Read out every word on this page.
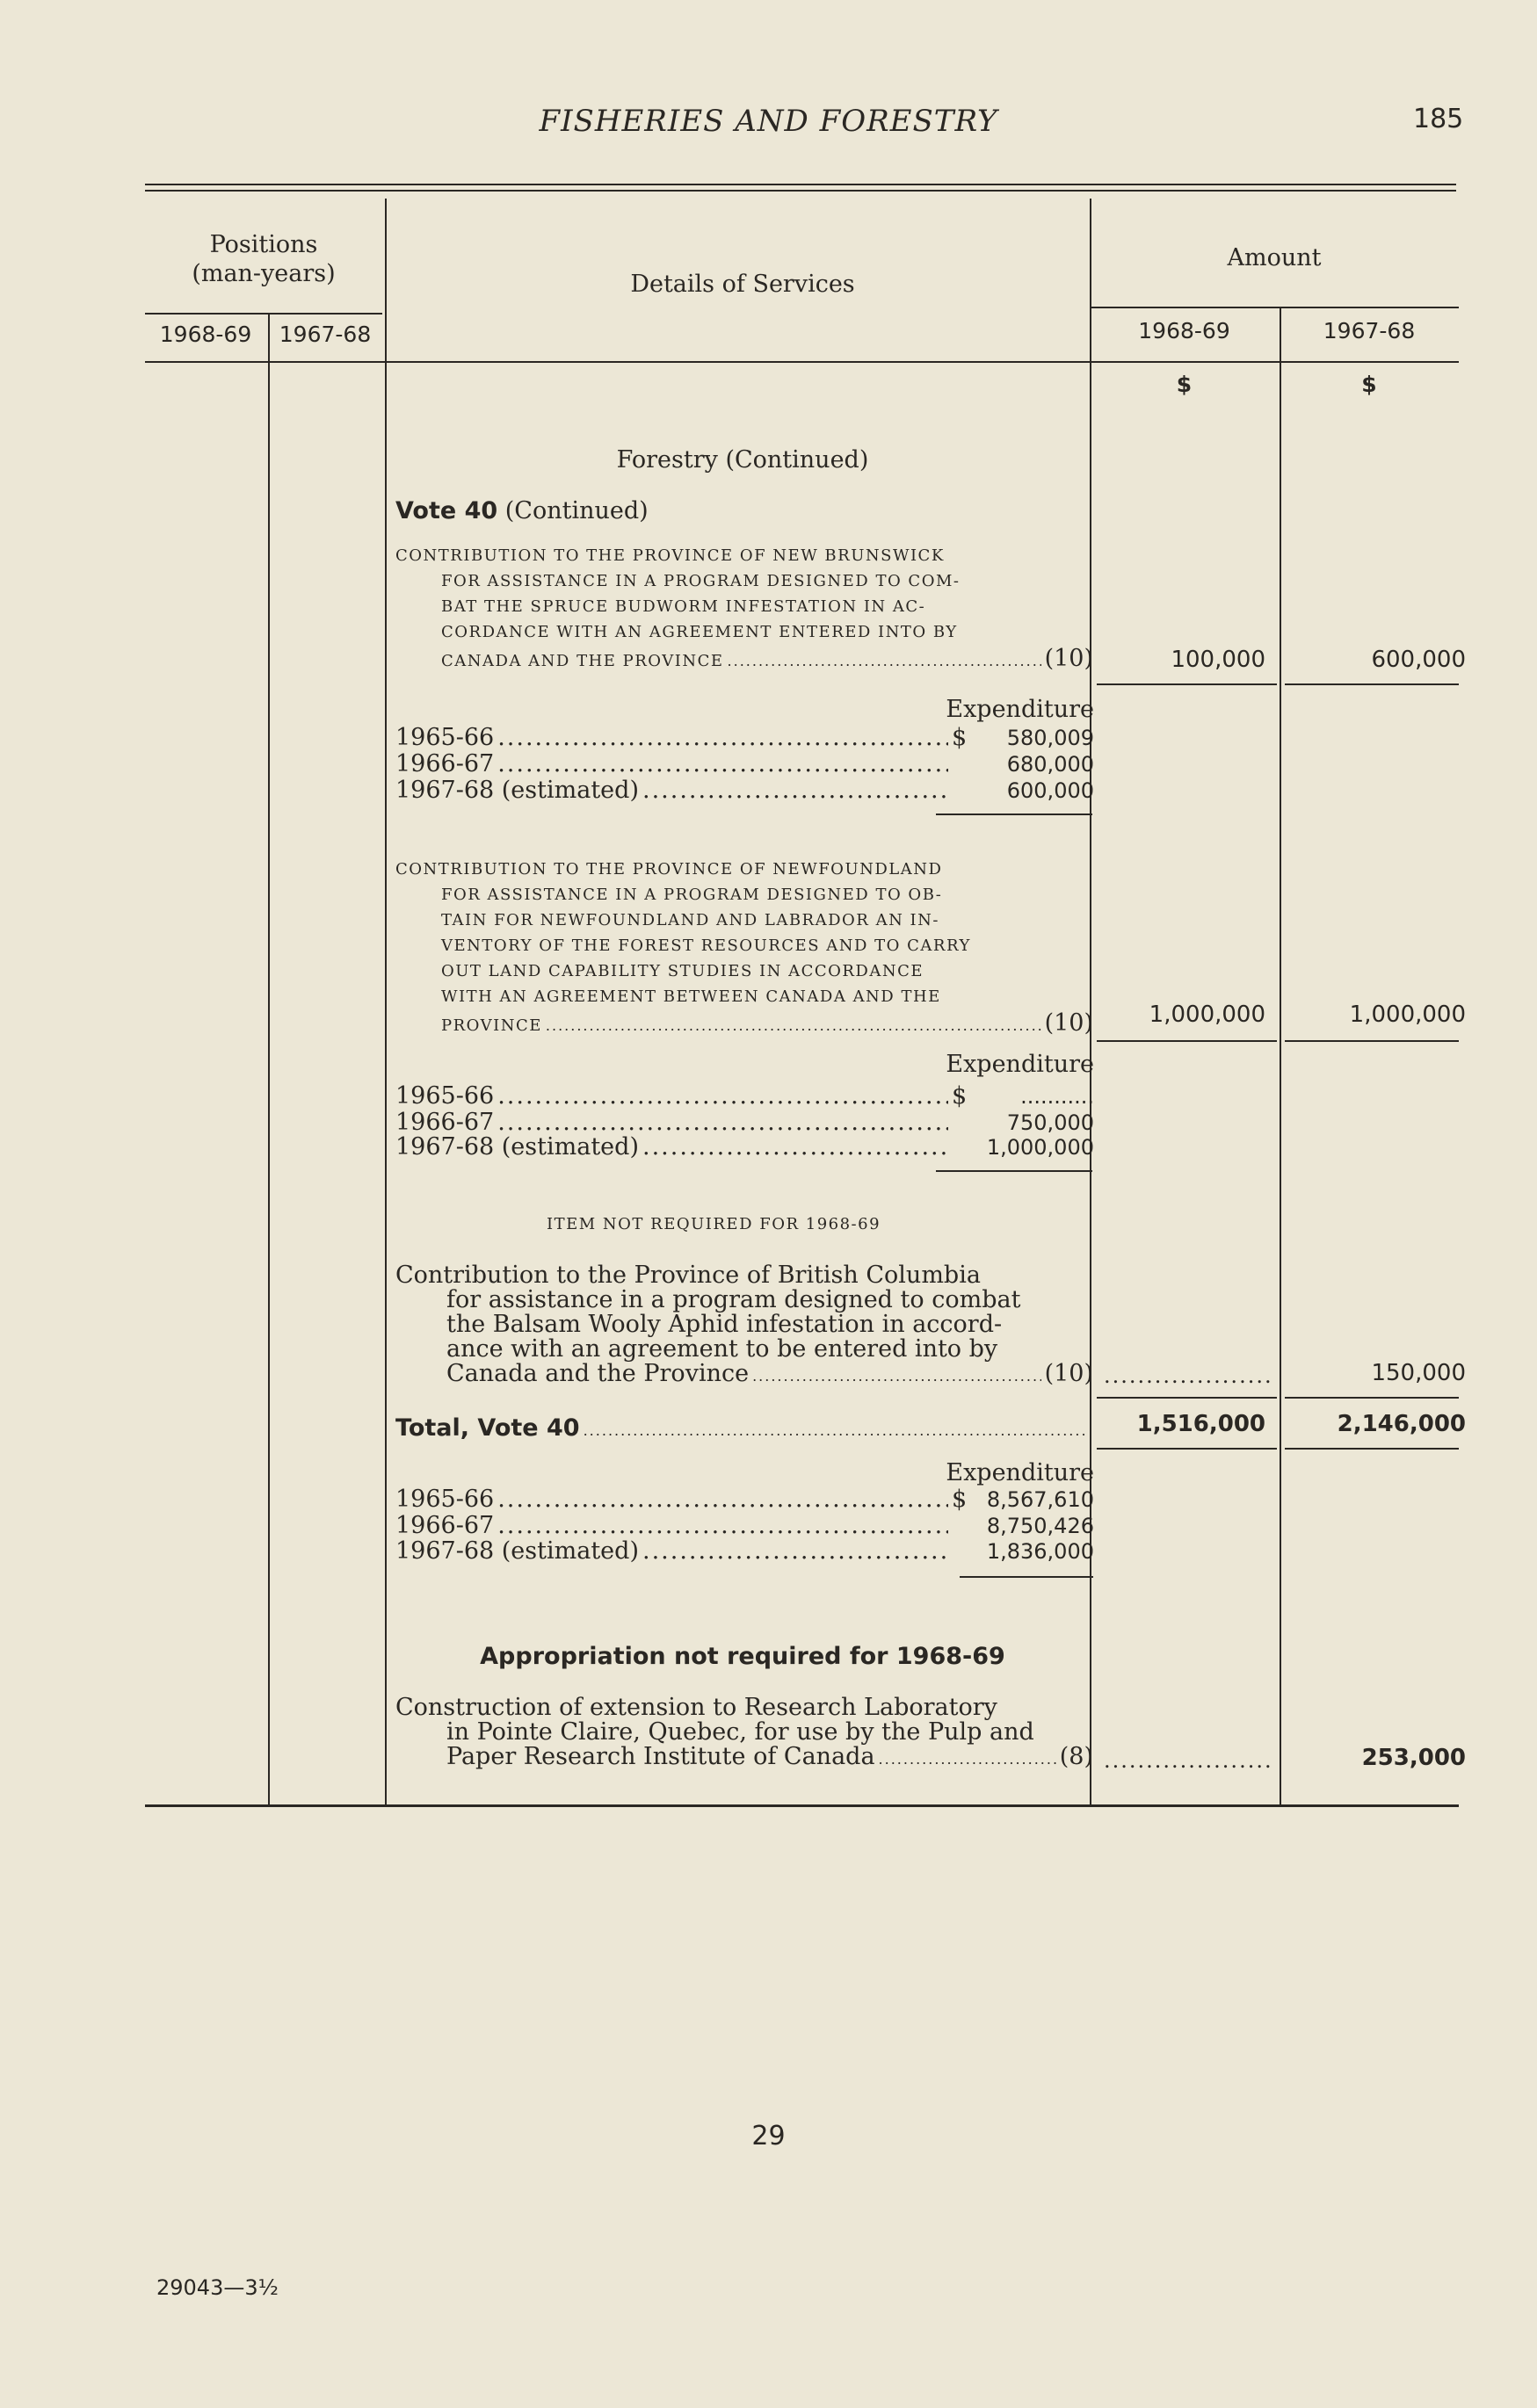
FISHERIES AND FORESTRY	185
Positions
(man-years)	Details of Services
Amount
1968-69	1967-68	1968-69	1967-68
$	$
Forestry (Continued)
Vote 40 (Continued)
CONTRIBUTION TO THE PROVINCE OF NEW BRUNSWICK
FOR ASSISTANCE IN A PROGRAM DESIGNED TO COM-
BAT THE SPRUCE BUDWORM INFESTATION IN AC-
CORDANCE WITH AN AGREEMENT ENTERED INTO BY
CANADA AND THE PROVINCE .....	(10)	100,000	600,000
Expenditure
1965-66 .....	$	580,009
1966-67 .....	680,000
1967-68 (estimated) .....	600,000
CONTRIBUTION TO THE PROVINCE OF NEWFOUNDLAND
FOR ASSISTANCE IN A PROGRAM DESIGNED TO OB-
TAIN FOR NEWFOUNDLAND AND LABRADOR AN IN-
VENTORY OF THE FOREST RESOURCES AND TO CARRY
OUT LAND CAPABILITY STUDIES IN ACCORDANCE
WITH AN AGREEMENT BETWEEN CANADA AND THE
PROVINCE .....	(10)	1,000,000	1,000,000
Expenditure
1965-66 .....	$	...........
1966-67 .....	750,000
1967-68 (estimated) .....	1,000,000
ITEM NOT REQUIRED FOR 1968-69
Contribution to the Province of British Columbia
for assistance in a program designed to combat
the Balsam Wooly Aphid infestation in accord-
ance with an agreement to be entered into by
Canada and the Province .....	(10) .....	150,000
Total, Vote 40 .....	1,516,000	2,146,000
Expenditure
1965-66 .....	$ 8,567,610
1966-67 .....	8,750,426
1967-68 (estimated) .....	1,836,000
Appropriation not required for 1968-69
Construction of extension to Research Laboratory
in Pointe Claire, Quebec, for use by the Pulp and
Paper Research Institute of Canada .....	(8) .....	253,000
29
29043—3½
